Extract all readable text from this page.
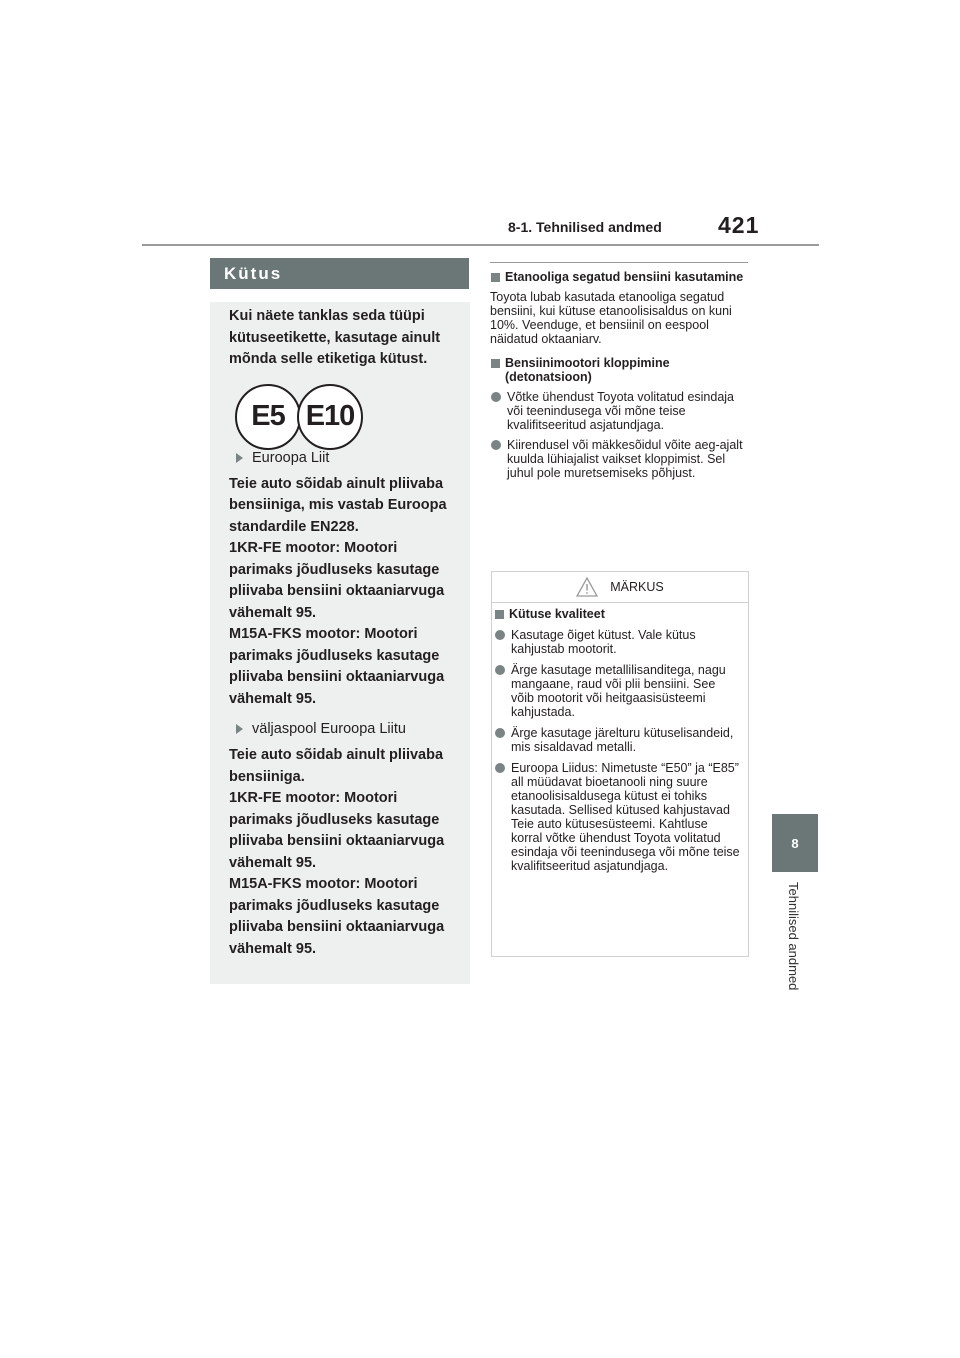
8-1. Tehnilised andmed 421
8
Tehnilised andmed
Kütus

Kui näete tanklas seda tüüpi kütuseetikette, kasutage ainult mõnda selle etiketiga kütust.

E5 E10
Euroopa Liit

Teie auto sõidab ainult pliivaba bensiiniga, mis vastab Euroopa standardile EN228.

1KR-FE mootor: Mootori parimaks jõudluseks kasutage pliivaba bensiini oktaaniarvuga vähemalt 95.

M15A-FKS mootor: Mootori parimaks jõudluseks kasutage pliivaba bensiini oktaaniarvuga vähemalt 95.

väljaspool Euroopa Liitu

Teie auto sõidab ainult pliivaba bensiiniga.

1KR-FE mootor: Mootori parimaks jõudluseks kasutage pliivaba bensiini oktaaniarvuga vähemalt 95.

M15A-FKS mootor: Mootori parimaks jõudluseks kasutage pliivaba bensiini oktaaniarvuga vähemalt 95.

Etanooliga segatud bensiini kasutamine
Toyota lubab kasutada etanooliga segatud bensiini, kui kütuse etanoolisisaldus on kuni 10%. Veenduge, et bensiinil on eespool näidatud oktaaniarv.
Bensiinimootori kloppimine (detonatsioon)
Võtke ühendust Toyota volitatud esindaja või teenindusega või mõne teise kvalifitseeritud asjatundjaga.
Kiirendusel või mäkkesõidul võite aeg-ajalt kuulda lühiajalist vaikset kloppimist. Sel juhul pole muretsemiseks põhjust.
MÄRKUS
Kütuse kvaliteet
Kasutage õiget kütust. Vale kütus kahjustab mootorit.
Ärge kasutage metallilisanditega, nagu mangaane, raud või plii bensiini. See võib mootorit või heitgaasisüsteemi kahjustada.
Ärge kasutage järelturu kütuselisandeid, mis sisaldavad metalli.
Euroopa Liidus: Nimetuste “E50” ja “E85” all müüdavat bioetanooli ning suure etanoolisisaldusega kütust ei tohiks kasutada. Sellised kütused kahjustavad Teie auto kütusesüsteemi. Kahtluse korral võtke ühendust Toyota volitatud esindaja või teenindusega või mõne teise kvalifitseeritud asjatundjaga.
